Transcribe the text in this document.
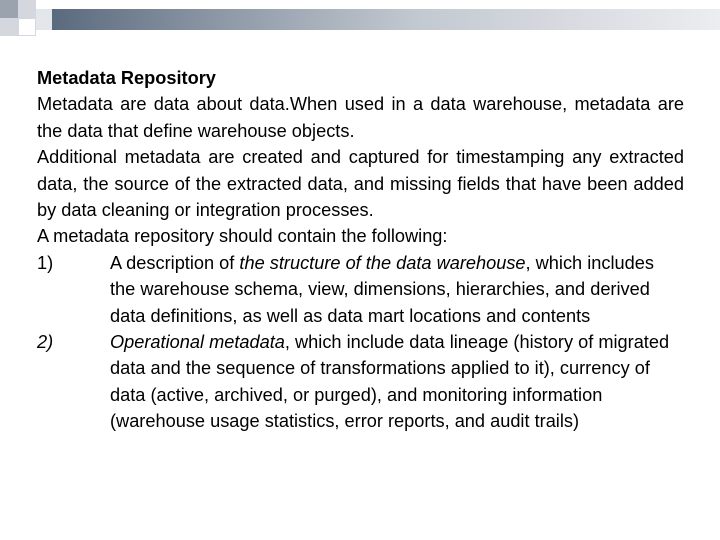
Metadata Repository

Metadata are data about data.When used in a data warehouse, metadata are the data that define warehouse objects.

Additional metadata are created and captured for timestamping any extracted data, the source of the extracted data, and missing fields that have been added by data cleaning or integration processes.

A metadata repository should contain the following:

1)	A description of the structure of the data warehouse, which includes the warehouse schema, view, dimensions, hierarchies, and derived data definitions, as well as data mart locations and contents
2)	Operational metadata, which include data lineage (history of migrated data and the sequence of transformations applied to it), currency of data (active, archived, or purged), and monitoring information (warehouse usage statistics, error reports, and audit trails)
